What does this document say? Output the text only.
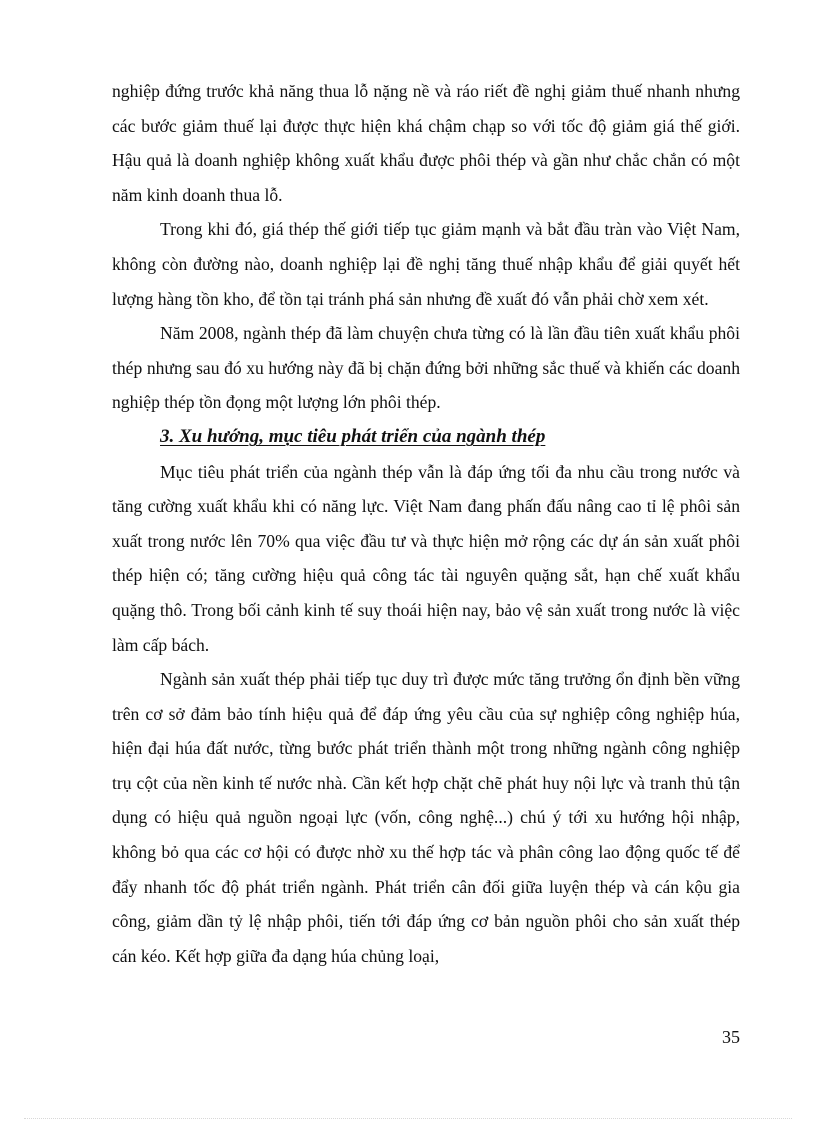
nghiệp đứng trước khả năng thua lỗ nặng nề và ráo riết đề nghị giảm thuế nhanh nhưng các bước giảm thuế lại được thực hiện khá chậm chạp so với tốc độ giảm giá thế giới. Hậu quả là doanh nghiệp không xuất khẩu được phôi thép và gần như chắc chắn có một năm kinh doanh thua lỗ.

Trong khi đó, giá thép thế giới tiếp tục giảm mạnh và bắt đầu tràn vào Việt Nam, không còn đường nào, doanh nghiệp lại đề nghị tăng thuế nhập khẩu để giải quyết hết lượng hàng tồn kho, để tồn tại tránh phá sản nhưng đề xuất đó vẫn phải chờ xem xét.

Năm 2008, ngành thép đã làm chuyện chưa từng có là lần đầu tiên xuất khẩu phôi thép nhưng sau đó xu hướng này đã bị chặn đứng bởi những sắc thuế và khiến các doanh nghiệp thép tồn đọng một lượng lớn phôi thép.

3. Xu hướng, mục tiêu phát triển của ngành thép

Mục tiêu phát triển của ngành thép vẫn là đáp ứng tối đa nhu cầu trong nước và tăng cường xuất khẩu khi có năng lực. Việt Nam đang phấn đấu nâng cao tỉ lệ phôi sản xuất trong nước lên 70% qua việc đầu tư và thực hiện mở rộng các dự án sản xuất phôi thép hiện có; tăng cường hiệu quả công tác tài nguyên quặng sắt, hạn chế xuất khẩu quặng thô. Trong bối cảnh kinh tế suy thoái hiện nay, bảo vệ sản xuất trong nước là việc làm cấp bách.

Ngành sản xuất thép phải tiếp tục duy trì được mức tăng trưởng ổn định bền vững trên cơ sở đảm bảo tính hiệu quả để đáp ứng yêu cầu của sự nghiệp công nghiệp húa, hiện đại húa đất nước, từng bước phát triển thành một trong những ngành công nghiệp trụ cột của nền kinh tế nước nhà. Cần kết hợp chặt chẽ phát huy nội lực và tranh thủ tận dụng có hiệu quả nguồn ngoại lực (vốn, công nghệ...) chú ý tới xu hướng hội nhập, không bỏ qua các cơ hội có được nhờ xu thế hợp tác và phân công lao động quốc tế để đẩy nhanh tốc độ phát triển ngành. Phát triển cân đối giữa luyện thép và cán kộu gia công, giảm dần tỷ lệ nhập phôi, tiến tới đáp ứng cơ bản nguồn phôi cho sản xuất thép cán kéo. Kết hợp giữa đa dạng húa chủng loại,

35
